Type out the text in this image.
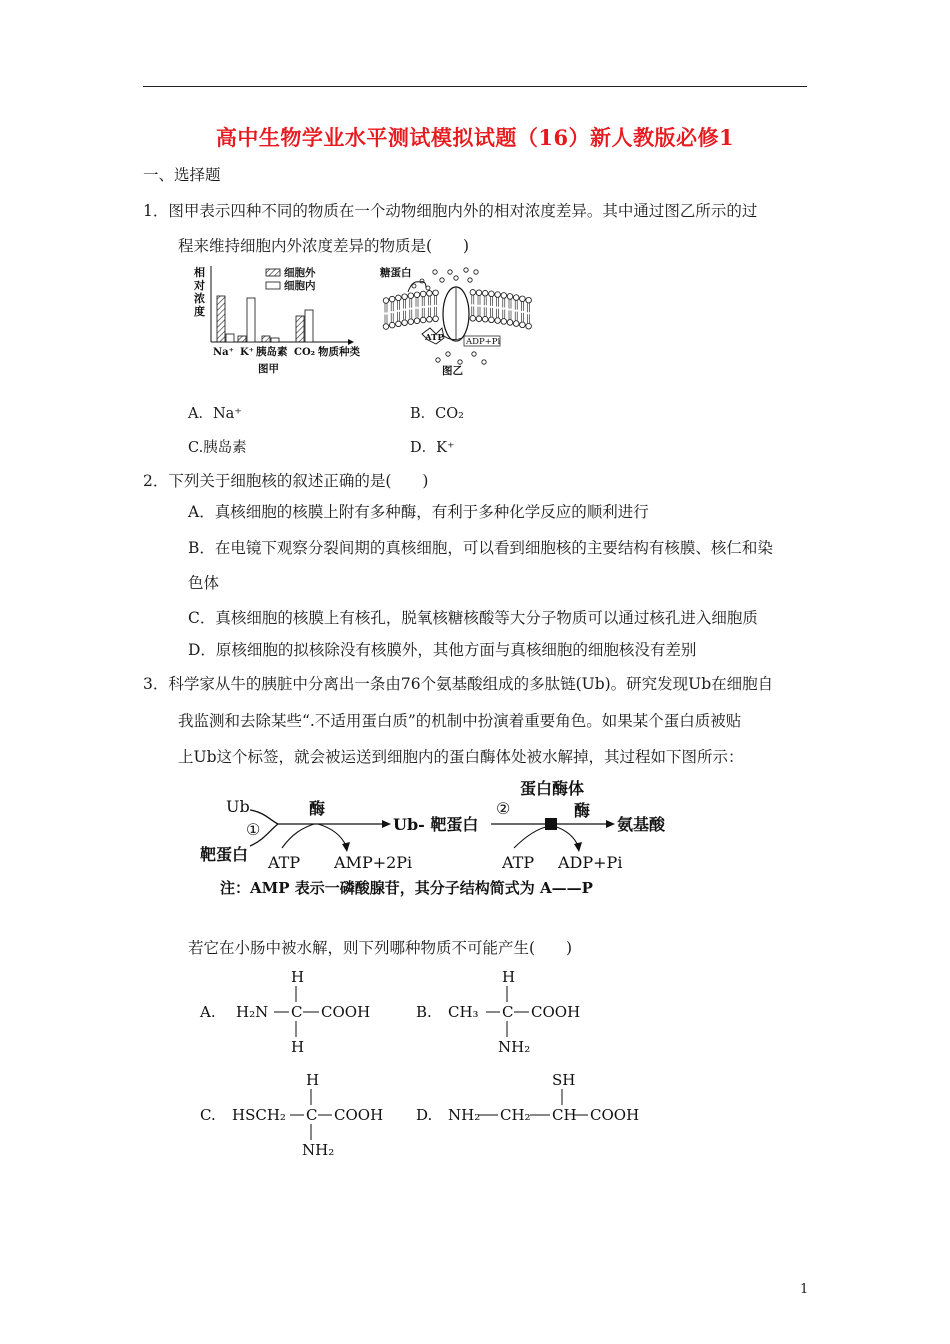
高中生物学业水平测试模拟试题（16）新人教版必修1
一、选择题
1．图甲表示四种不同的物质在一个动物细胞内外的相对浓度差异。其中通过图乙所示的过
程来维持细胞内外浓度差异的物质是(　　)
相
对
浓
度
细胞外
细胞内
Na⁺ K⁺ 胰岛素 CO₂ 物质种类
图甲
糖蛋白
ATP	ADP+Pi
图乙
A．Na⁺	B．CO₂
C.胰岛素	D．K⁺
2．下列关于细胞核的叙述正确的是(　　)
A．真核细胞的核膜上附有多种酶，有利于多种化学反应的顺利进行
B．在电镜下观察分裂间期的真核细胞，可以看到细胞核的主要结构有核膜、核仁和染
色体
C．真核细胞的核膜上有核孔，脱氧核糖核酸等大分子物质可以通过核孔进入细胞质
D．原核细胞的拟核除没有核膜外，其他方面与真核细胞的细胞核没有差别
3．科学家从牛的胰脏中分离出一条由76个氨基酸组成的多肽链(Ub)。研究发现Ub在细胞自
我监测和去除某些“.不适用蛋白质”的机制中扮演着重要角色。如果某个蛋白质被贴
上Ub这个标签，就会被运送到细胞内的蛋白酶体处被水解掉，其过程如下图所示：
Ub
靶蛋白
①
酶
ATP AMP+2Pi
Ub- 靶蛋白
②
蛋白酶体
酶
氨基酸
ATP ADP+Pi
注：AMP 表示一磷酸腺苷，其分子结构简式为 A——P
若它在小肠中被水解，则下列哪种物质不可能产生(　　)
A. H₂N
H
C COOH
H
B. CH₃
H
C COOH
NH₂
C. HSCH₂
H
C COOH
NH₂
D. NH₂ CH₂
SH
CH COOH
1
